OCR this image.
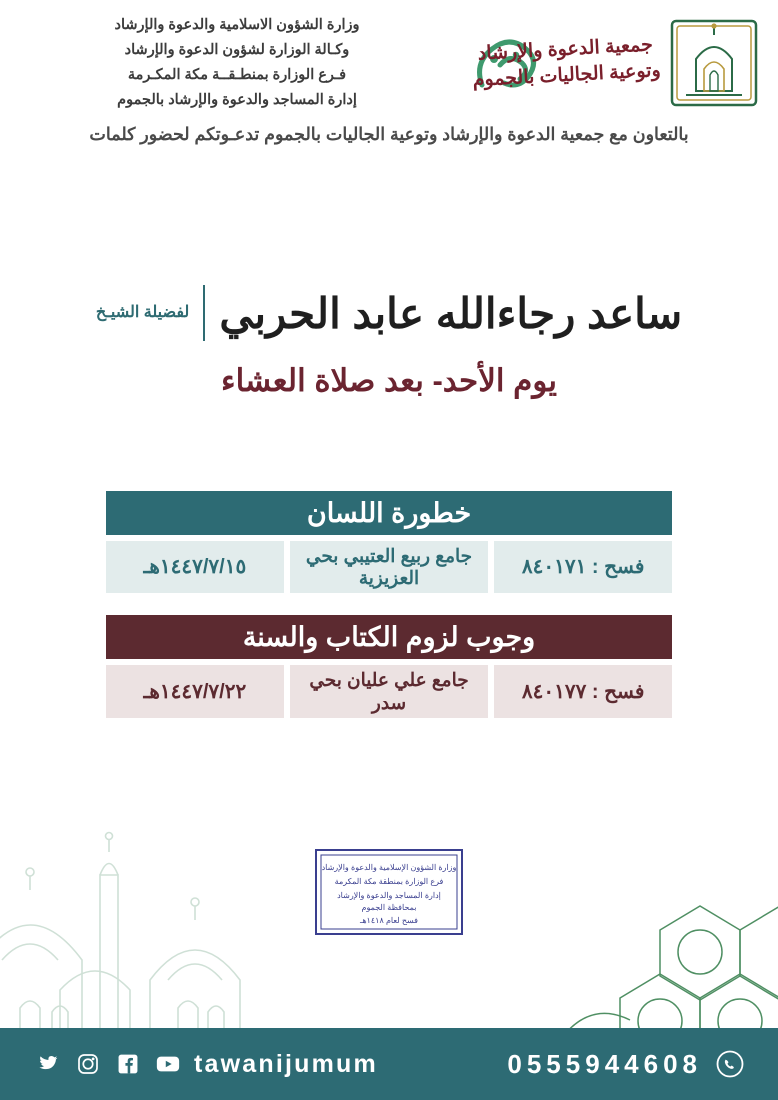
جمعية الدعوة والإرشاد وتوعية الجاليات بالجموم
وزارة الشؤون الاسلامية والدعوة والإرشاد
وكـالة الوزارة لشؤون الدعوة والإرشاد
فـرع الوزارة بمنطـقــة مكة المكـرمة
إدارة المساجد والدعوة والإرشاد بالجموم
بالتعاون مع جمعية الدعوة والإرشاد وتوعية الجاليات بالجموم تدعـوتكم لحضور كلمات
ساعد رجاءالله عابد الحربي
لفضيلة الشيـخ
يوم الأحد- بعد صلاة العشاء
خطورة اللسان
فسح : ٨٤٠١٧١
جامع ربيع العتيبي بحي العزيزية
١٤٤٧/٧/١٥هـ
وجوب لزوم الكتاب والسنة
فسح : ٨٤٠١٧٧
جامع علي عليان بحي سدر
١٤٤٧/٧/٢٢هـ
وزارة الشؤون الإسلامية والدعوة والإرشاد
فرع الوزارة بمنطقة مكة المكرمة
إدارة المساجد والدعوة والإرشاد
بمحافظة الجموم
فسح لعام ١٤١٨هـ
0555944608
tawanijumum
